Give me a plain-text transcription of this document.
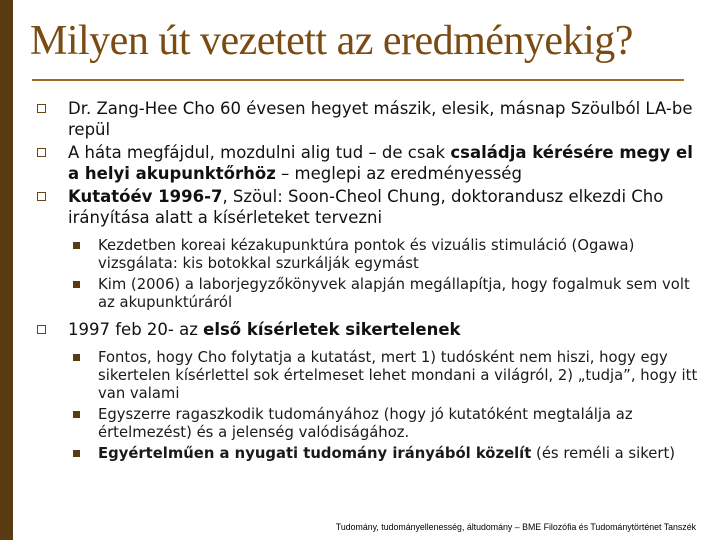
Milyen út vezetett az eredményekig?
Dr. Zang-Hee Cho 60 évesen hegyet mászik, elesik, másnap Szöulból LA-be repül
A háta megfájdul, mozdulni alig tud – de csak családja kérésére megy el a helyi akupunktőrhöz – meglepi az eredményesség
Kutatóév 1996-7, Szöul: Soon-Cheol Chung, doktorandusz elkezdi Cho irányítása alatt a kísérleteket tervezni
Kezdetben koreai kézakupunktúra pontok és vizuális stimuláció (Ogawa) vizsgálata: kis botokkal szurkálják egymást
Kim (2006) a laborjegyzőkönyvek alapján megállapítja, hogy fogalmuk sem volt az akupunktúráról
1997 feb 20- az első kísérletek sikertelenek
Fontos, hogy Cho folytatja a kutatást, mert 1) tudósként nem hiszi, hogy egy sikertelen kísérlettel sok értelmeset lehet mondani a világról, 2) „tudja”, hogy itt van valami
Egyszerre ragaszkodik tudományához (hogy jó kutatóként megtalálja az értelmezést) és a jelenség valódiságához.
Egyértelműen a nyugati tudomány irányából közelít (és reméli a sikert)
Tudomány, tudományellenesség, áltudomány – BME Filozófia és Tudománytörténet Tanszék
